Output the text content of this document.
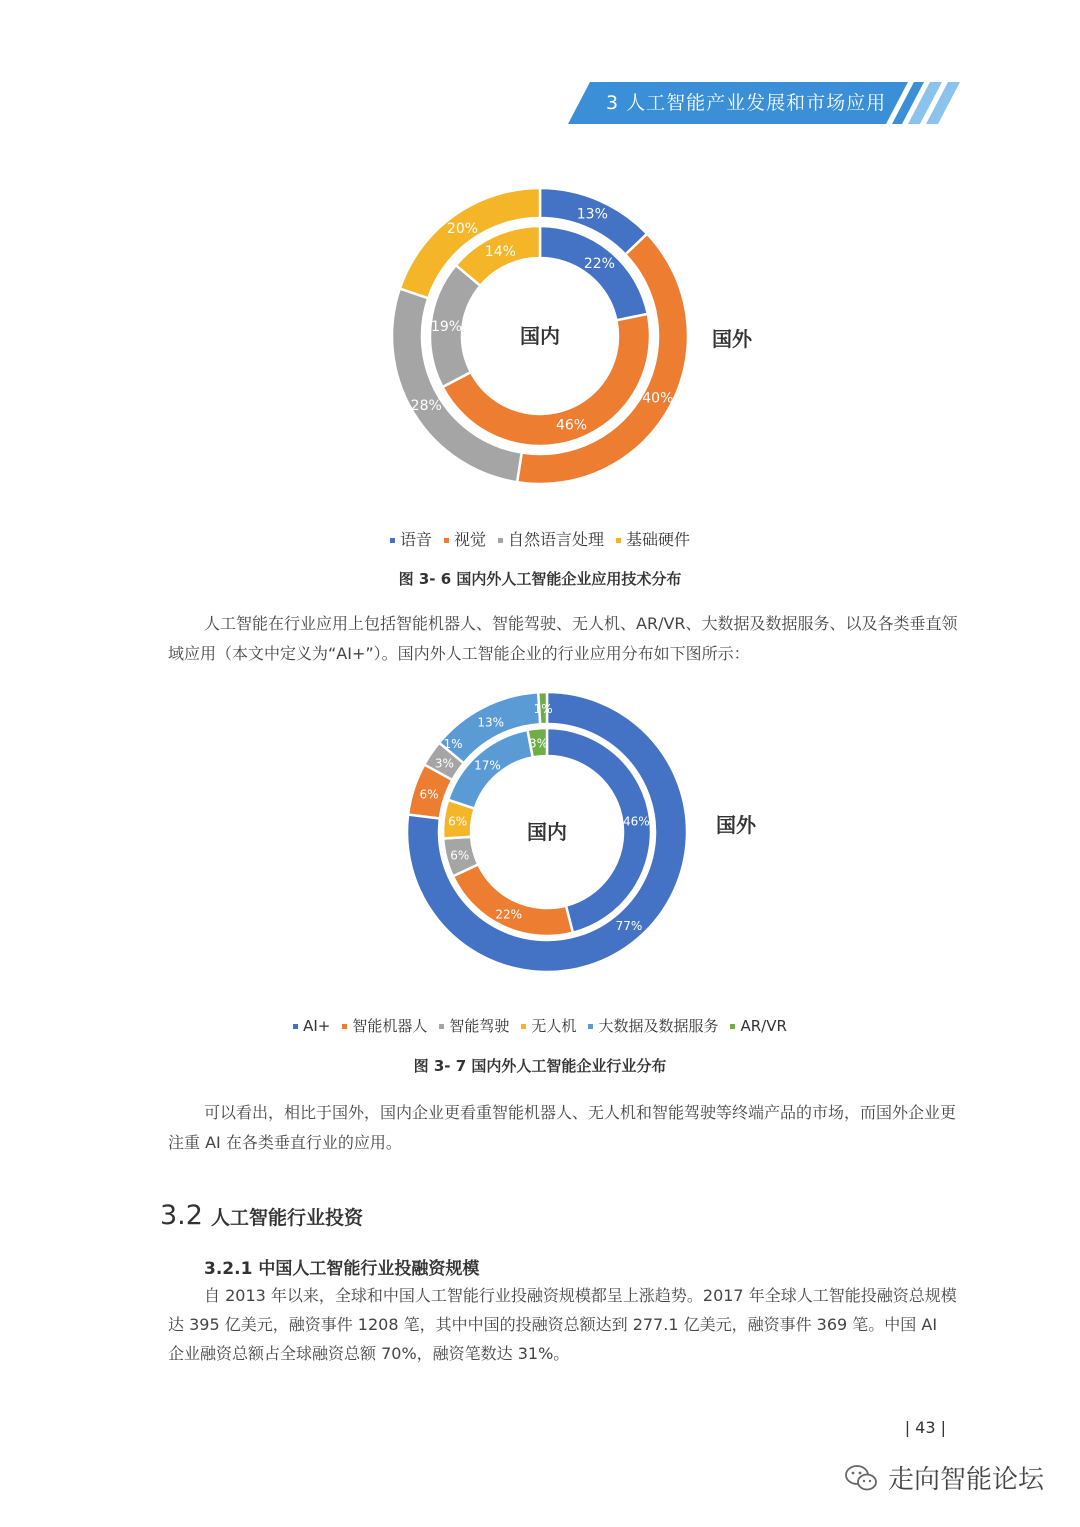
3 人工智能产业发展和市场应用
13%
40%
28%
20%
22%
46%
19%
14%
国内	国外
语音 视觉 自然语言处理 基础硬件
图 3- 6 国内外人工智能企业应用技术分布
人工智能在行业应用上包括智能机器人、智能驾驶、无人机、AR/VR、大数据及数据服务、以及各类垂直领域应用（本文中定义为“AI+”）。国内外人工智能企业的行业应用分布如下图所示：
77%
6%
3%
13%
1%
46%
22%
6%
6%
17%
3%
国内
1%
国外
AI+ 智能机器人 智能驾驶 无人机 大数据及数据服务 AR/VR
图 3- 7 国内外人工智能企业行业分布
可以看出，相比于国外，国内企业更看重智能机器人、无人机和智能驾驶等终端产品的市场，而国外企业更注重 AI 在各类垂直行业的应用。
3.2 人工智能行业投资
3.2.1 中国人工智能行业投融资规模
自 2013 年以来，全球和中国人工智能行业投融资规模都呈上涨趋势。2017 年全球人工智能投融资总规模达 395 亿美元，融资事件 1208 笔，其中中国的投融资总额达到 277.1 亿美元，融资事件 369 笔。中国 AI 企业融资总额占全球融资总额 70%，融资笔数达 31%。
| 43 |
走向智能论坛
